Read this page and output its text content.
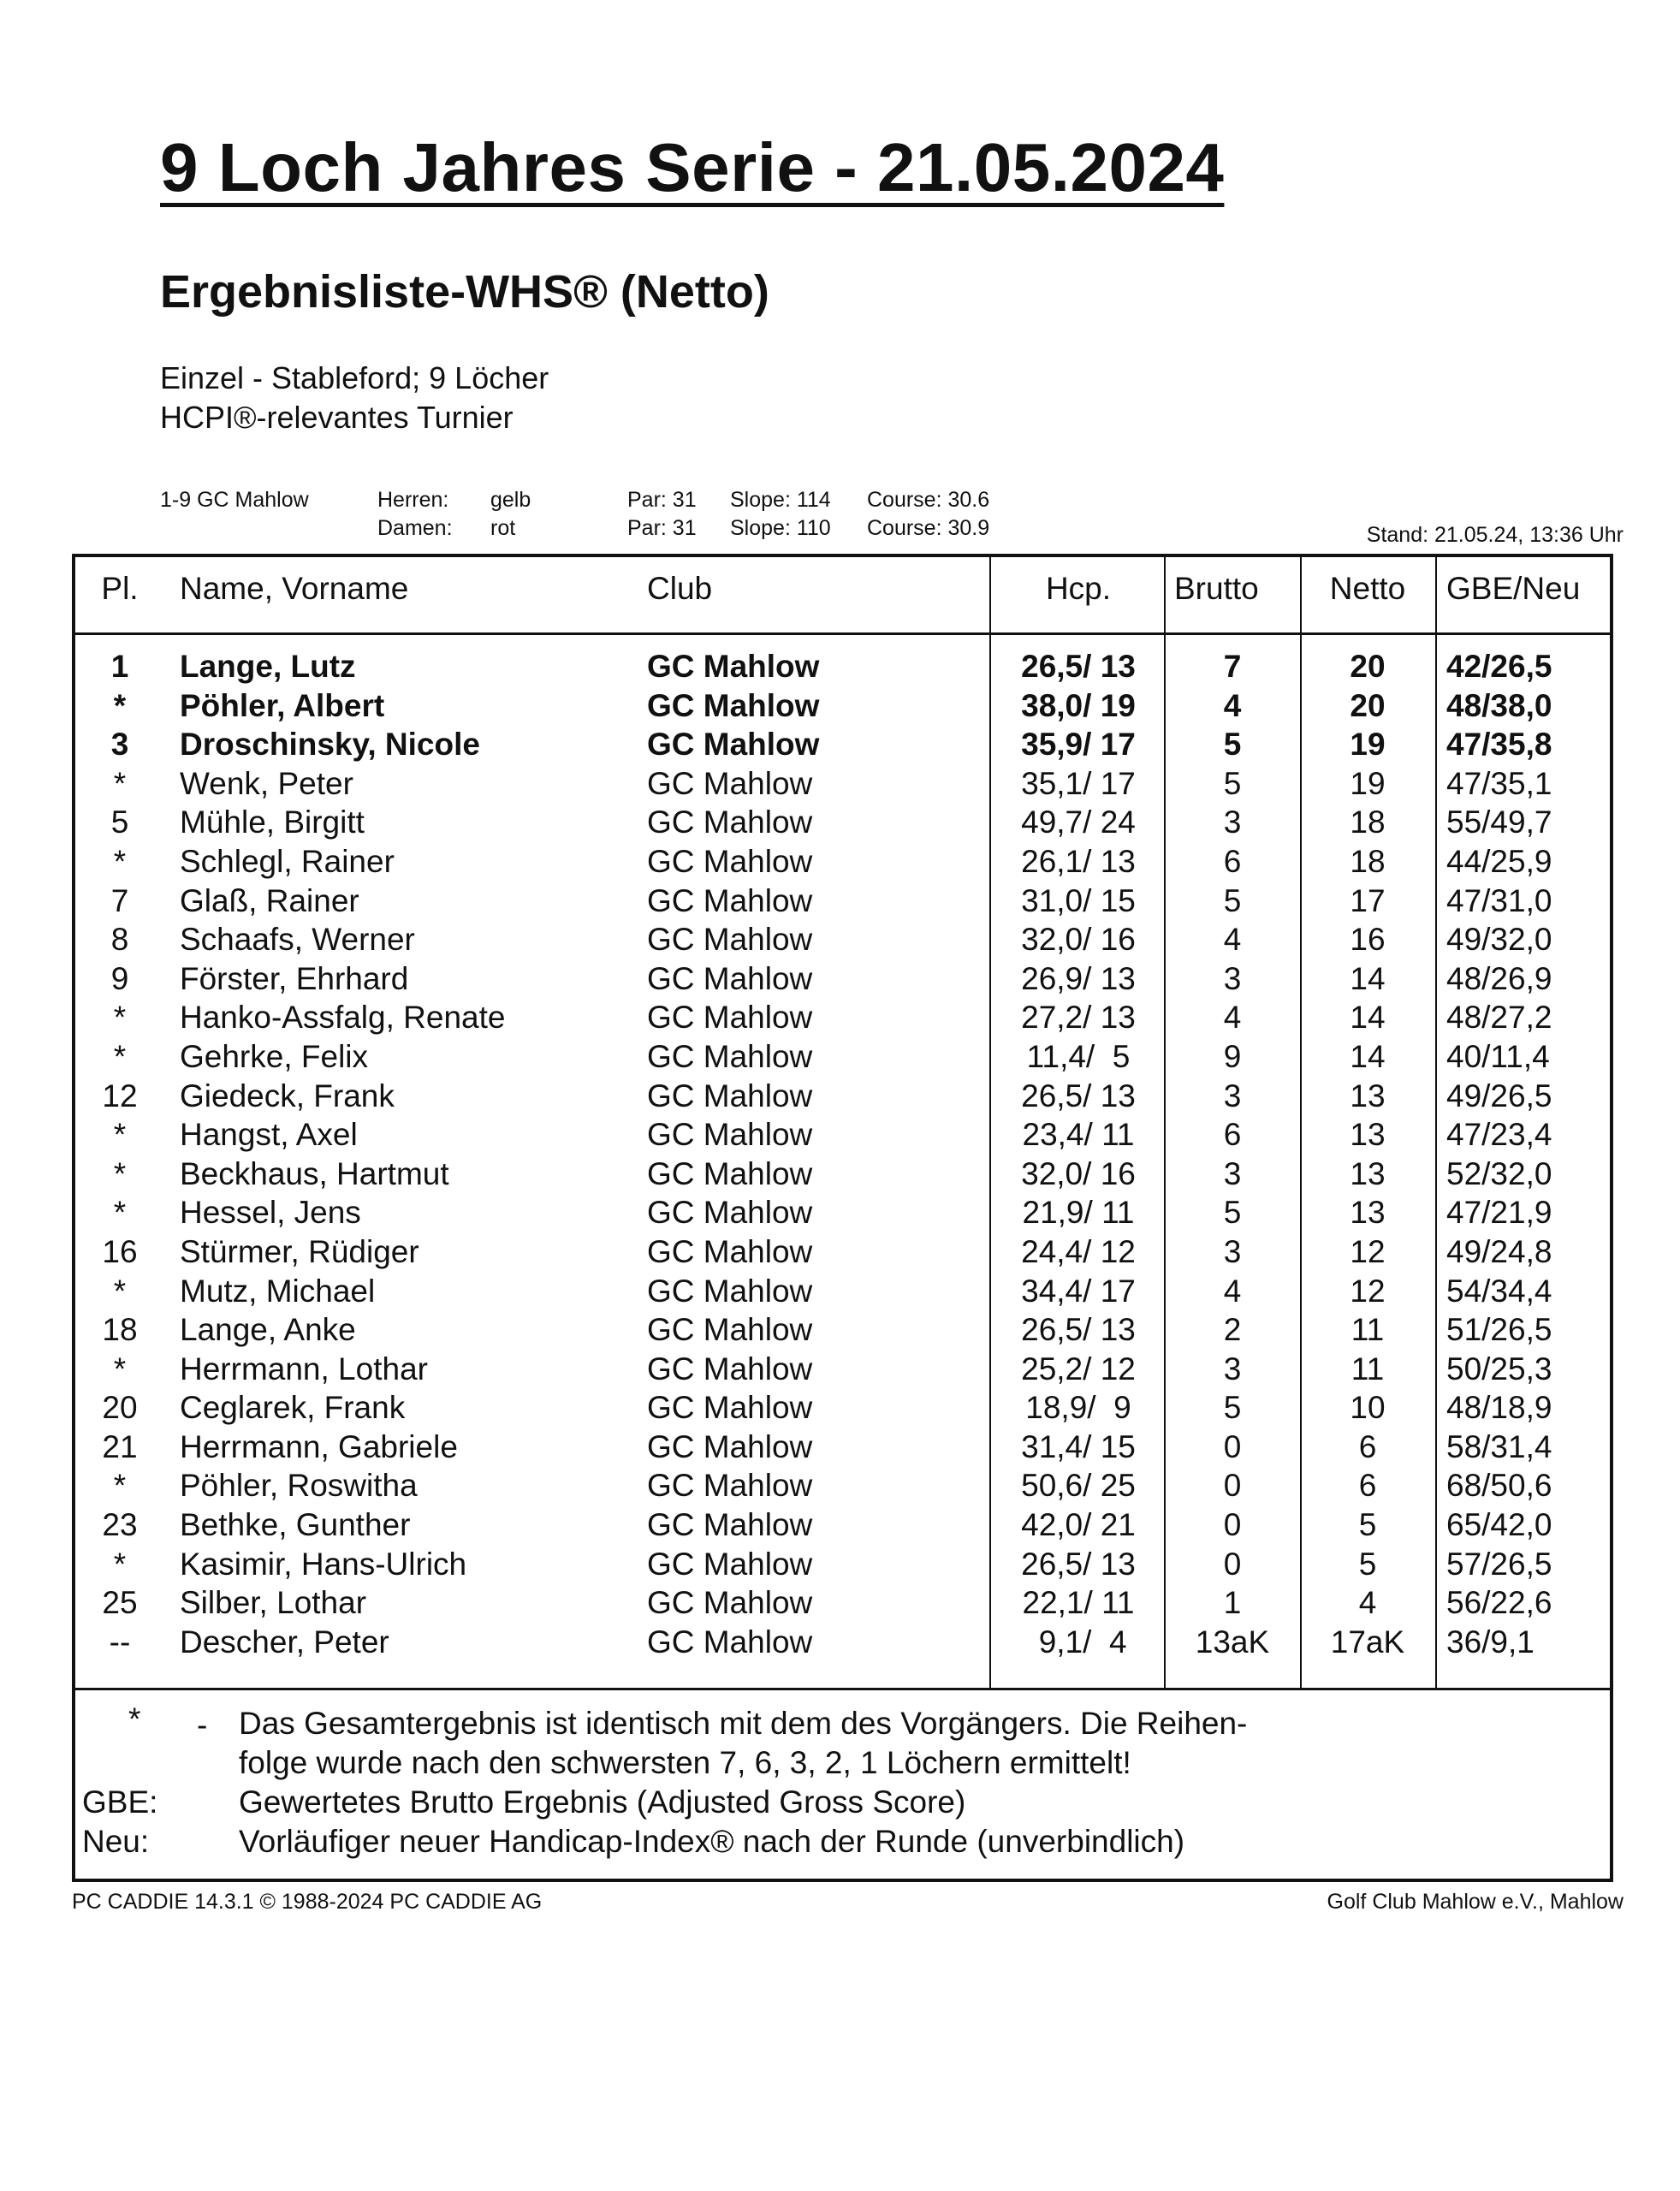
9 Loch Jahres Serie - 21.05.2024
Ergebnisliste-WHS® (Netto)
Einzel - Stableford; 9 Löcher
HCPI®-relevantes Turnier
1-9 GC Mahlow	Herren: gelb	Par: 31 Slope: 114 Course: 30.6
Damen: rot	Par: 31 Slope: 110 Course: 30.9	Stand: 21.05.24, 13:36 Uhr
Pl.	Name, Vorname	Club	Hcp.	Brutto	Netto	GBE/Neu
1	Lange, Lutz	GC Mahlow	26,5/ 13	7	20	42/26,5
*	Pöhler, Albert	GC Mahlow	38,0/ 19	4	20	48/38,0
3	Droschinsky, Nicole	GC Mahlow	35,9/ 17	5	19	47/35,8
*	Wenk, Peter	GC Mahlow	35,1/ 17	5	19	47/35,1
5	Mühle, Birgitt	GC Mahlow	49,7/ 24	3	18	55/49,7
*	Schlegl, Rainer	GC Mahlow	26,1/ 13	6	18	44/25,9
7	Glaß, Rainer	GC Mahlow	31,0/ 15	5	17	47/31,0
8	Schaafs, Werner	GC Mahlow	32,0/ 16	4	16	49/32,0
9	Förster, Ehrhard	GC Mahlow	26,9/ 13	3	14	48/26,9
*	Hanko-Assfalg, Renate	GC Mahlow	27,2/ 13	4	14	48/27,2
*	Gehrke, Felix	GC Mahlow	11,4/  5	9	14	40/11,4
12	Giedeck, Frank	GC Mahlow	26,5/ 13	3	13	49/26,5
*	Hangst, Axel	GC Mahlow	23,4/ 11	6	13	47/23,4
*	Beckhaus, Hartmut	GC Mahlow	32,0/ 16	3	13	52/32,0
*	Hessel, Jens	GC Mahlow	21,9/ 11	5	13	47/21,9
16	Stürmer, Rüdiger	GC Mahlow	24,4/ 12	3	12	49/24,8
*	Mutz, Michael	GC Mahlow	34,4/ 17	4	12	54/34,4
18	Lange, Anke	GC Mahlow	26,5/ 13	2	11	51/26,5
*	Herrmann, Lothar	GC Mahlow	25,2/ 12	3	11	50/25,3
20	Ceglarek, Frank	GC Mahlow	18,9/  9	5	10	48/18,9
21	Herrmann, Gabriele	GC Mahlow	31,4/ 15	0	6	58/31,4
*	Pöhler, Roswitha	GC Mahlow	50,6/ 25	0	6	68/50,6
23	Bethke, Gunther	GC Mahlow	42,0/ 21	0	5	65/42,0
*	Kasimir, Hans-Ulrich	GC Mahlow	26,5/ 13	0	5	57/26,5
25	Silber, Lothar	GC Mahlow	22,1/ 11	1	4	56/22,6
--	Descher, Peter	GC Mahlow	9,1/  4	13aK	17aK	36/9,1
* - Das Gesamtergebnis ist identisch mit dem des Vorgängers. Die Reihen-
folge wurde nach den schwersten 7, 6, 3, 2, 1 Löchern ermittelt!
GBE:	Gewertetes Brutto Ergebnis (Adjusted Gross Score)
Neu:	Vorläufiger neuer Handicap-Index® nach der Runde (unverbindlich)
PC CADDIE 14.3.1 © 1988-2024 PC CADDIE AG	Golf Club Mahlow e.V., Mahlow
